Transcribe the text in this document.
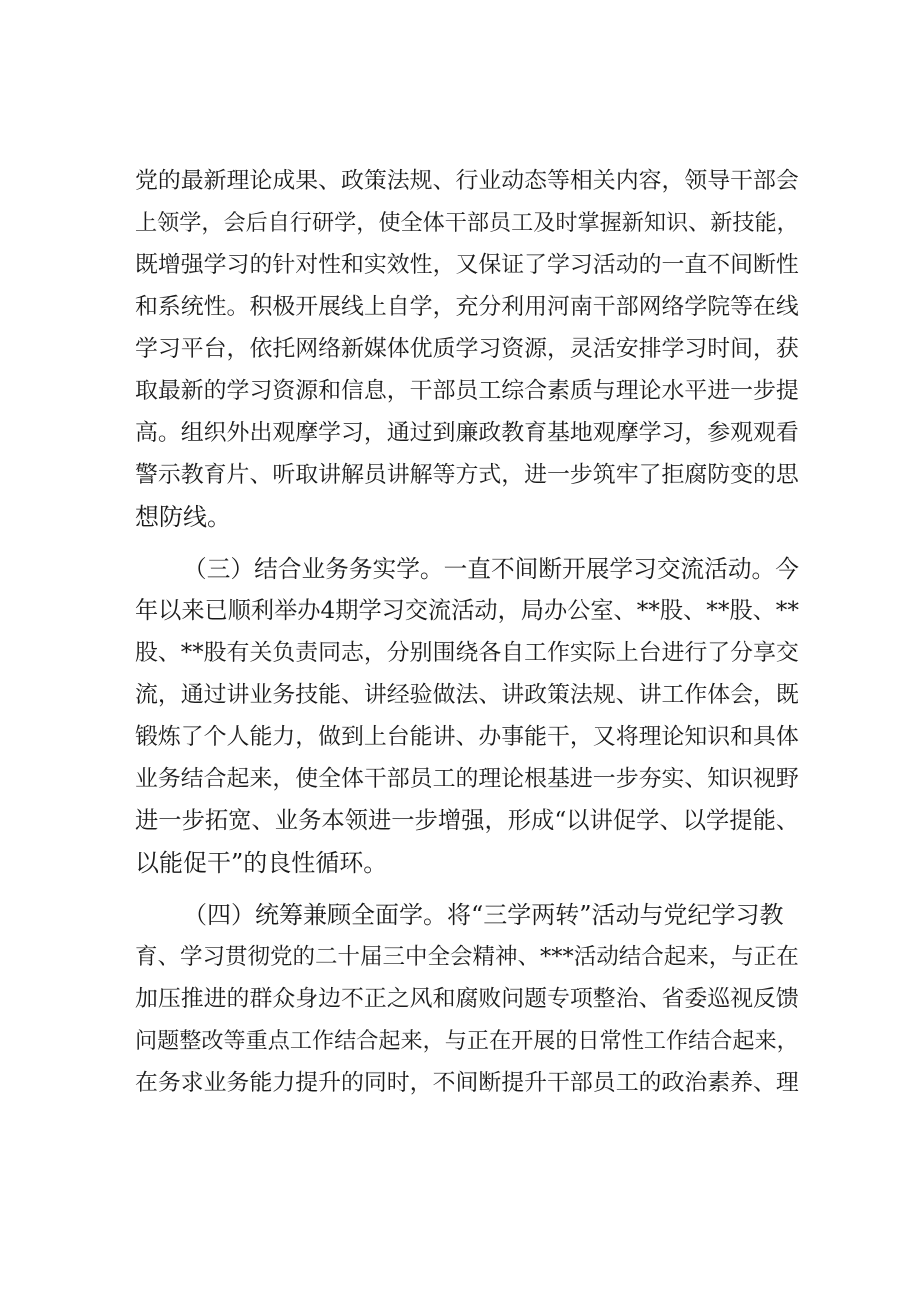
党的最新理论成果、政策法规、行业动态等相关内容，领导干部会
上领学，会后自行研学，使全体干部员工及时掌握新知识、新技能，
既增强学习的针对性和实效性，又保证了学习活动的一直不间断性
和系统性。积极开展线上自学，充分利用河南干部网络学院等在线
学习平台，依托网络新媒体优质学习资源，灵活安排学习时间，获
取最新的学习资源和信息，干部员工综合素质与理论水平进一步提
高。组织外出观摩学习，通过到廉政教育基地观摩学习，参观观看
警示教育片、听取讲解员讲解等方式，进一步筑牢了拒腐防变的思
想防线。
（三）结合业务务实学。一直不间断开展学习交流活动。今
年以来已顺利举办4期学习交流活动，局办公室、**股、**股、**
股、**股有关负责同志，分别围绕各自工作实际上台进行了分享交
流，通过讲业务技能、讲经验做法、讲政策法规、讲工作体会，既
锻炼了个人能力，做到上台能讲、办事能干，又将理论知识和具体
业务结合起来，使全体干部员工的理论根基进一步夯实、知识视野
进一步拓宽、业务本领进一步增强，形成“以讲促学、以学提能、
以能促干”的良性循环。
（四）统筹兼顾全面学。将“三学两转”活动与党纪学习教
育、学习贯彻党的二十届三中全会精神、***活动结合起来，与正在
加压推进的群众身边不正之风和腐败问题专项整治、省委巡视反馈
问题整改等重点工作结合起来，与正在开展的日常性工作结合起来，
在务求业务能力提升的同时，不间断提升干部员工的政治素养、理
